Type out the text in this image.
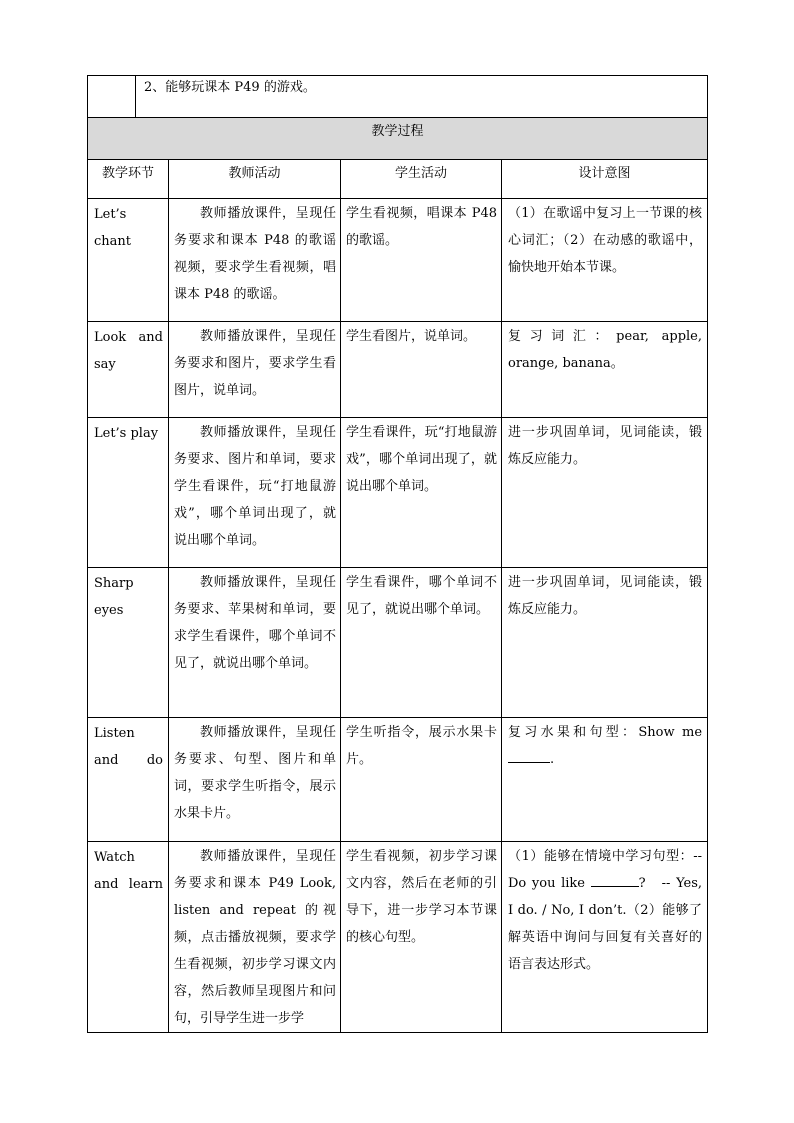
	2、能够玩课本 P49 的游戏。			
教学过程				
教学环节		教师活动	学生活动	设计意图
Let’s chant		教师播放课件，呈现任务要求和课本 P48 的歌谣视频，要求学生看视频，唱课本 P48 的歌谣。	学生看视频，唱课本 P48 的歌谣。	（1）在歌谣中复习上一节课的核心词汇；（2）在动感的歌谣中，愉快地开始本节课。
Look and say		教师播放课件，呈现任务要求和图片，要求学生看图片，说单词。	学生看图片，说单词。	复习词汇：pear, apple, orange, banana。
Let’s play		教师播放课件，呈现任务要求、图片和单词，要求学生看课件，玩“打地鼠游戏”，哪个单词出现了，就说出哪个单词。	学生看课件，玩“打地鼠游戏”，哪个单词出现了，就说出哪个单词。	进一步巩固单词，见词能读，锻炼反应能力。
Sharp eyes		教师播放课件，呈现任务要求、苹果树和单词，要求学生看课件，哪个单词不见了，就说出哪个单词。	学生看课件，哪个单词不见了，就说出哪个单词。	进一步巩固单词，见词能读，锻炼反应能力。
Listen and do		教师播放课件，呈现任务要求、句型、图片和单词，要求学生听指令，展示水果卡片。	学生听指令，展示水果卡片。	复习水果和句型：Show me .
Watch and learn		教师播放课件，呈现任务要求和课本 P49 Look, listen and repeat 的视频，点击播放视频，要求学生看视频，初步学习课文内容，然后教师呈现图片和问句，引导学生进一步学	学生看视频，初步学习课文内容，然后在老师的引导下，进一步学习本节课的核心句型。	（1）能够在情境中学习句型：-- Do you like ?　-- Yes, I do. / No, I don’t.（2）能够了解英语中询问与回复有关喜好的语言表达形式。
